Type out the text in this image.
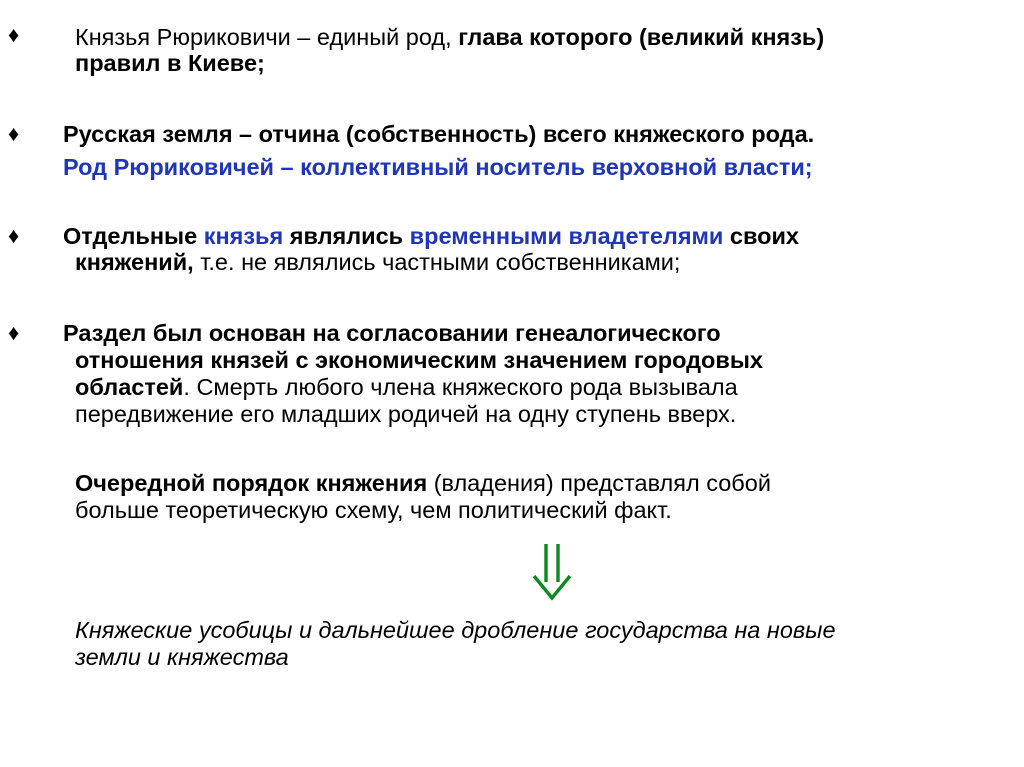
♦ Князья Рюриковичи – единый род, глава которого (великий князь)
правил в Киеве;
♦ Русская земля – отчина (собственность) всего княжеского рода.
Род Рюриковичей – коллективный носитель верховной власти;
♦ Отдельные князья являлись временными владетелями своих
княжений, т.е. не являлись частными собственниками;
♦ Раздел был основан на согласовании генеалогического
отношения князей с экономическим значением городовых
областей. Смерть любого члена княжеского рода вызывала
передвижение его младших родичей на одну ступень вверх.
Очередной порядок княжения (владения) представлял собой
больше теоретическую схему, чем политический факт.
Княжеские усобицы и дальнейшее дробление государства на новые
земли и княжества
